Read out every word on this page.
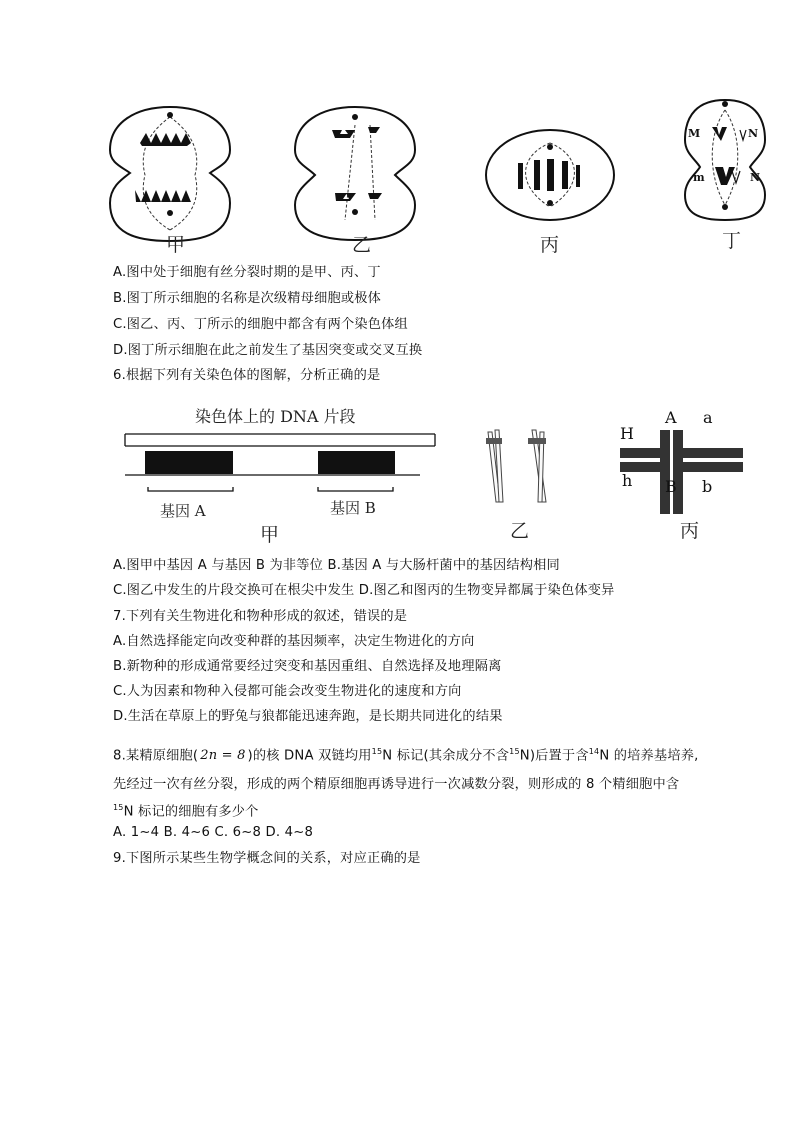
M	N
m	N
甲	乙	丙	丁
A.图中处于细胞有丝分裂时期的是甲、丙、丁
B.图丁所示细胞的名称是次级精母细胞或极体
C.图乙、丙、丁所示的细胞中都含有两个染色体组
D.图丁所示细胞在此之前发生了基因突变或交叉互换
6.根据下列有关染色体的图解，分析正确的是
染色体上的 DNA 片段	A a
H
h B b
基因 A	基因 B
甲	乙	丙
A.图甲中基因 A 与基因 B 为非等位 B.基因 A 与大肠杆菌中的基因结构相同
C.图乙中发生的片段交换可在根尖中发生 D.图乙和图丙的生物变异都属于染色体变异
7.下列有关生物进化和物种形成的叙述，错误的是
A.自然选择能定向改变种群的基因频率，决定生物进化的方向
B.新物种的形成通常要经过突变和基因重组、自然选择及地理隔离
C.人为因素和物种入侵都可能会改变生物进化的速度和方向
D.生活在草原上的野兔与狼都能迅速奔跑，是长期共同进化的结果
8.某精原细胞( 2n = 8 )的核 DNA 双链均用$^{15}$N 标记(其余成分不含$^{15}$N)后置于含$^{14}$N 的培养基培养,
先经过一次有丝分裂，形成的两个精原细胞再诱导进行一次减数分裂，则形成的 8 个精细胞中含
$^{15}$N 标记的细胞有多少个
A. 1~4 B. 4~6 C. 6~8 D. 4~8
9.下图所示某些生物学概念间的关系，对应正确的是
